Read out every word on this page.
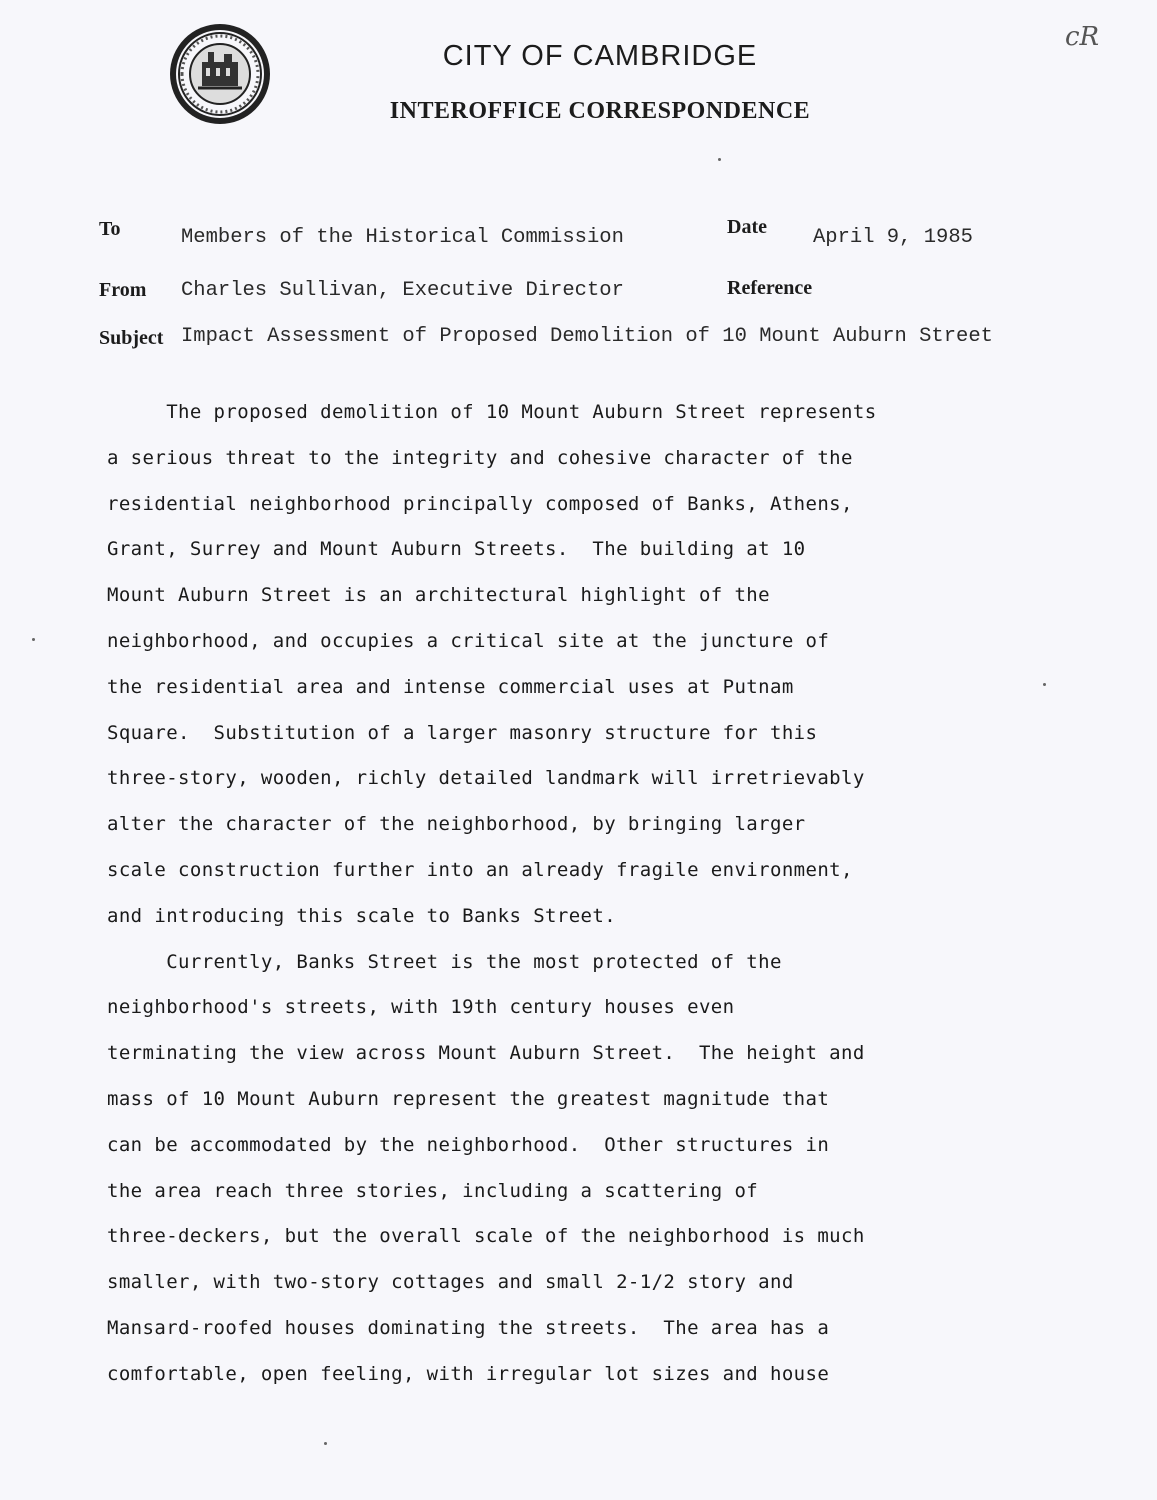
CITY OF CAMBRIDGE
INTEROFFICE CORRESPONDENCE
cR
To	Members of the Historical Commission	Date April 9, 1985
From Charles Sullivan, Executive Director	Reference
Subject Impact Assessment of Proposed Demolition of 10 Mount Auburn Street
The proposed demolition of 10 Mount Auburn Street represents
a serious threat to the integrity and cohesive character of the
residential neighborhood principally composed of Banks, Athens,
Grant, Surrey and Mount Auburn Streets.  The building at 10
Mount Auburn Street is an architectural highlight of the
neighborhood, and occupies a critical site at the juncture of
the residential area and intense commercial uses at Putnam
Square.  Substitution of a larger masonry structure for this
three-story, wooden, richly detailed landmark will irretrievably
alter the character of the neighborhood, by bringing larger
scale construction further into an already fragile environment,
and introducing this scale to Banks Street.
Currently, Banks Street is the most protected of the
neighborhood's streets, with 19th century houses even
terminating the view across Mount Auburn Street.  The height and
mass of 10 Mount Auburn represent the greatest magnitude that
can be accommodated by the neighborhood.  Other structures in
the area reach three stories, including a scattering of
three-deckers, but the overall scale of the neighborhood is much
smaller, with two-story cottages and small 2-1/2 story and
Mansard-roofed houses dominating the streets.  The area has a
comfortable, open feeling, with irregular lot sizes and house
